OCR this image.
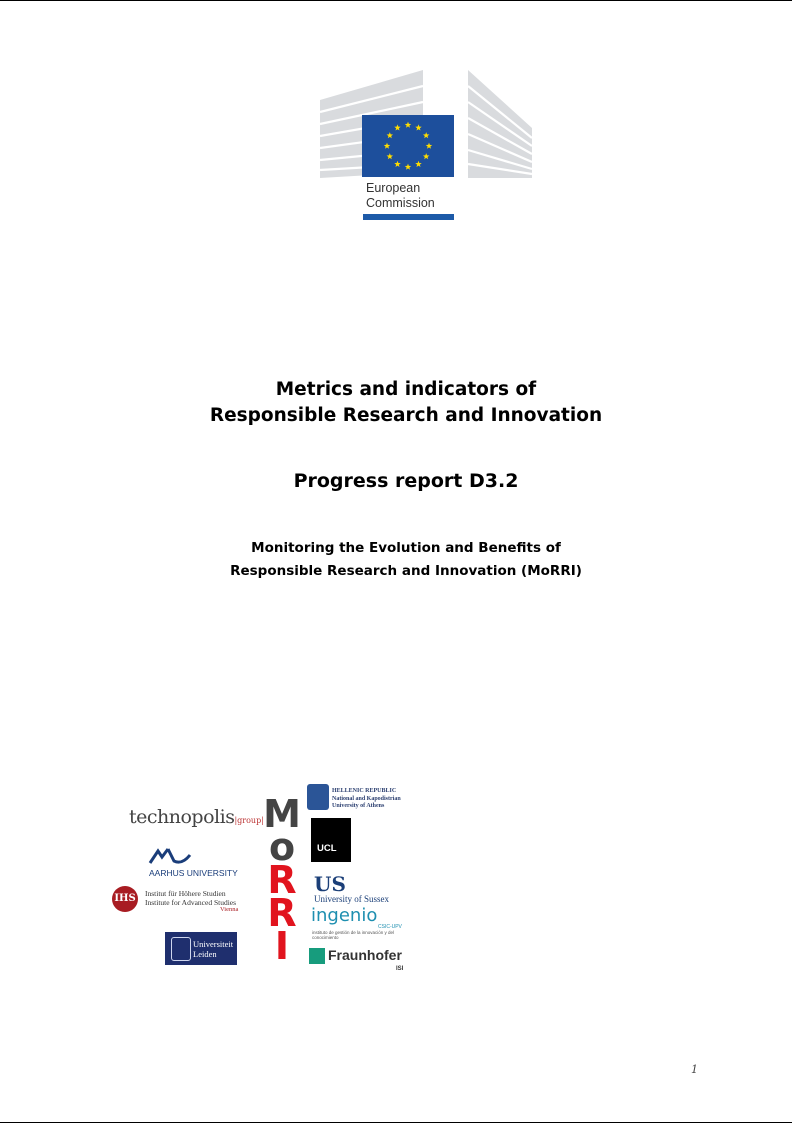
European
Commission
Metrics and indicators of
Responsible Research and Innovation
Progress report D3.2
Monitoring the Evolution and Benefits of
Responsible Research and Innovation (MoRRI)
technopolis|group|
AARHUS UNIVERSITY
IHS	Institut für Höhere Studien
Institute for Advanced Studies
Vienna
Universiteit
Leiden
M
o
R
R
I
HELLENIC REPUBLIC
National and Kapodistrian
University of Athens
UCL
US
University of Sussex
ingenio
CSIC-UPV
instituto de gestión de la innovación y del conocimiento
Fraunhofer
ISI
1
